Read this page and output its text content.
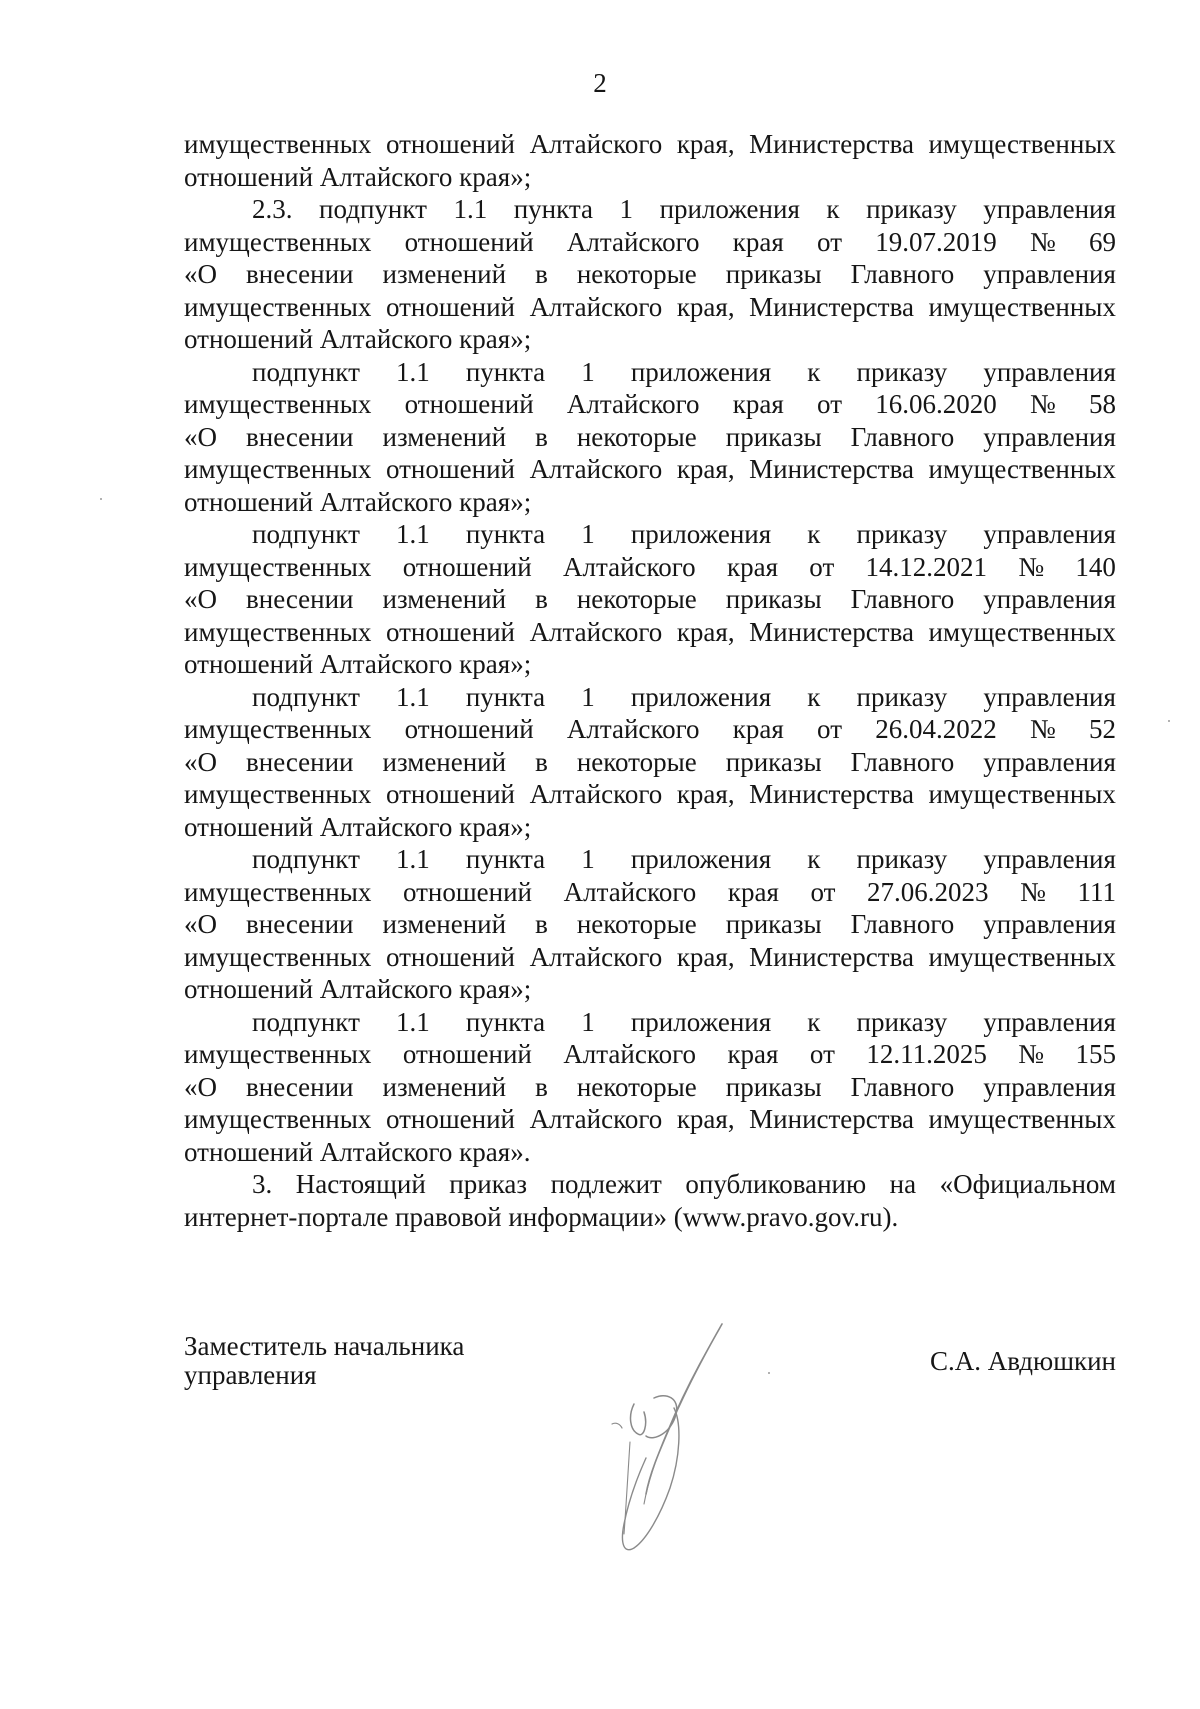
2
имущественных отношений Алтайского края, Министерства имущественных
отношений Алтайского края»;
2.3. подпункт 1.1 пункта 1 приложения к приказу управления
имущественных отношений Алтайского края от 19.07.2019 № 69
«О внесении изменений в некоторые приказы Главного управления
имущественных отношений Алтайского края, Министерства имущественных
отношений Алтайского края»;
подпункт 1.1 пункта 1 приложения к приказу управления
имущественных отношений Алтайского края от 16.06.2020 № 58
«О внесении изменений в некоторые приказы Главного управления
имущественных отношений Алтайского края, Министерства имущественных
отношений Алтайского края»;
подпункт 1.1 пункта 1 приложения к приказу управления
имущественных отношений Алтайского края от 14.12.2021 № 140
«О внесении изменений в некоторые приказы Главного управления
имущественных отношений Алтайского края, Министерства имущественных
отношений Алтайского края»;
подпункт 1.1 пункта 1 приложения к приказу управления
имущественных отношений Алтайского края от 26.04.2022 № 52
«О внесении изменений в некоторые приказы Главного управления
имущественных отношений Алтайского края, Министерства имущественных
отношений Алтайского края»;
подпункт 1.1 пункта 1 приложения к приказу управления
имущественных отношений Алтайского края от 27.06.2023 № 111
«О внесении изменений в некоторые приказы Главного управления
имущественных отношений Алтайского края, Министерства имущественных
отношений Алтайского края»;
подпункт 1.1 пункта 1 приложения к приказу управления
имущественных отношений Алтайского края от 12.11.2025 № 155
«О внесении изменений в некоторые приказы Главного управления
имущественных отношений Алтайского края, Министерства имущественных
отношений Алтайского края».
3. Настоящий приказ подлежит опубликованию на «Официальном
интернет-портале правовой информации» (www.pravo.gov.ru).
Заместитель начальника
управления	С.А. Авдюшкин
